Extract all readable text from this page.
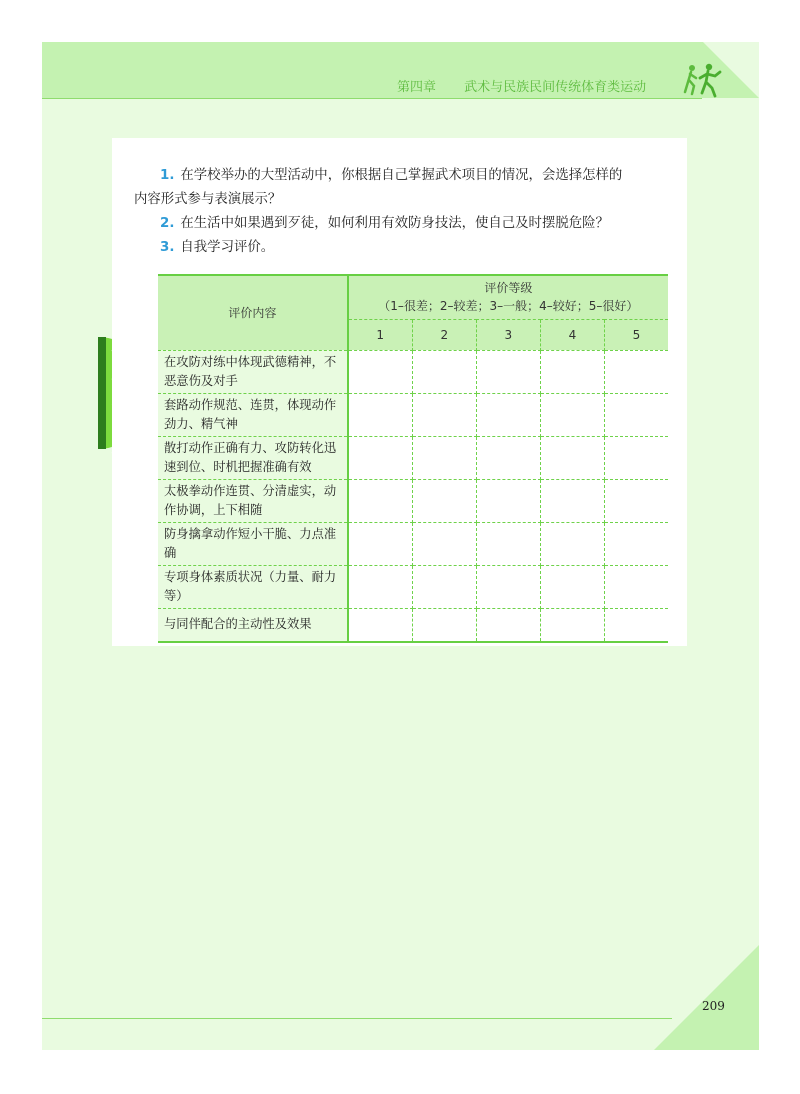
第四章 武术与民族民间传统体育类运动
1. 在学校举办的大型活动中，你根据自己掌握武术项目的情况，会选择怎样的
内容形式参与表演展示？
2. 在生活中如果遇到歹徒，如何利用有效防身技法，使自己及时摆脱危险？
3. 自我学习评价。
评价内容	评价等级
（1–很差；2–较差；3–一般；4–较好；5–很好）				

	1	2	3	4	5
在攻防对练中体现武德精神，不恶意伤及对手					
套路动作规范、连贯，体现动作劲力、精气神					
散打动作正确有力、攻防转化迅速到位、时机把握准确有效					
太极拳动作连贯、分清虚实，动作协调，上下相随					
防身擒拿动作短小干脆、力点准确					
专项身体素质状况（力量、耐力等）					
与同伴配合的主动性及效果					
209
